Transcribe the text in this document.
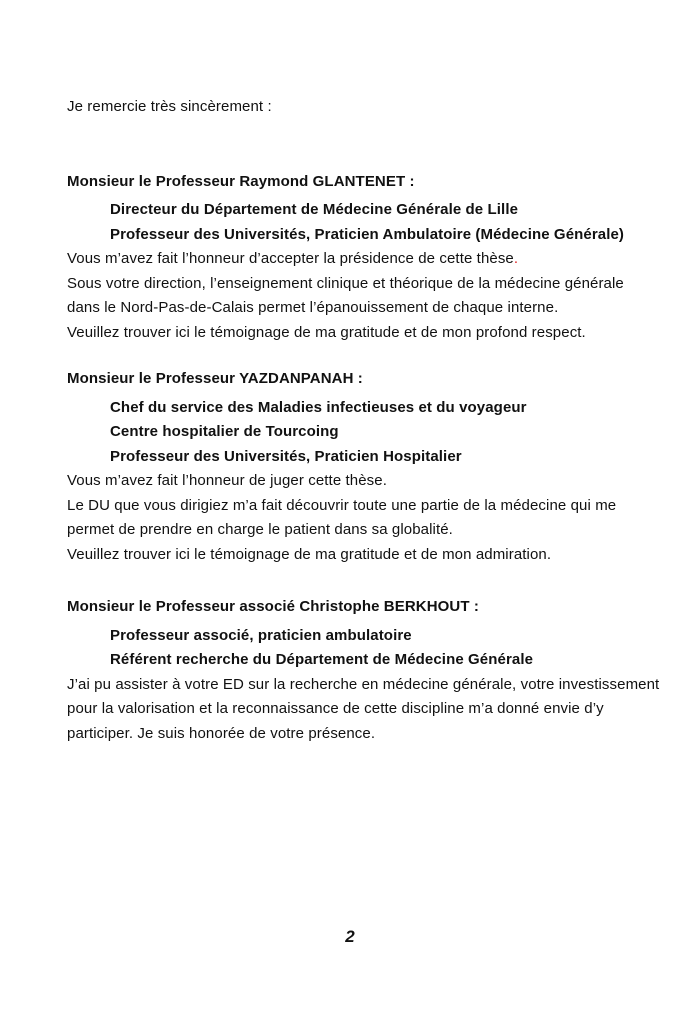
Je remercie très sincèrement :
Monsieur le Professeur Raymond GLANTENET :
Directeur du Département de Médecine Générale de Lille
Professeur des Universités, Praticien Ambulatoire (Médecine Générale)
Vous m’avez fait l’honneur d’accepter la présidence de cette thèse.
Sous votre direction, l’enseignement clinique et théorique de la médecine générale
dans le Nord-Pas-de-Calais permet l’épanouissement de chaque interne.
Veuillez trouver ici le témoignage de ma gratitude et de mon profond respect.
Monsieur le Professeur YAZDANPANAH :
Chef du service des Maladies infectieuses et du voyageur
Centre hospitalier de Tourcoing
Professeur des Universités, Praticien Hospitalier
Vous m’avez fait l’honneur de juger cette thèse.
Le DU que vous dirigiez m’a fait découvrir toute une partie de la médecine qui me
permet de prendre en charge le patient dans sa globalité.
Veuillez trouver ici le témoignage de ma gratitude et de mon admiration.
Monsieur le Professeur associé Christophe BERKHOUT :
Professeur associé, praticien ambulatoire
Référent recherche du Département de Médecine Générale
J’ai pu assister à votre ED sur la recherche en médecine générale, votre investissement
pour la valorisation et la reconnaissance de cette discipline m’a donné envie d’y
participer. Je suis honorée de votre présence.
2
